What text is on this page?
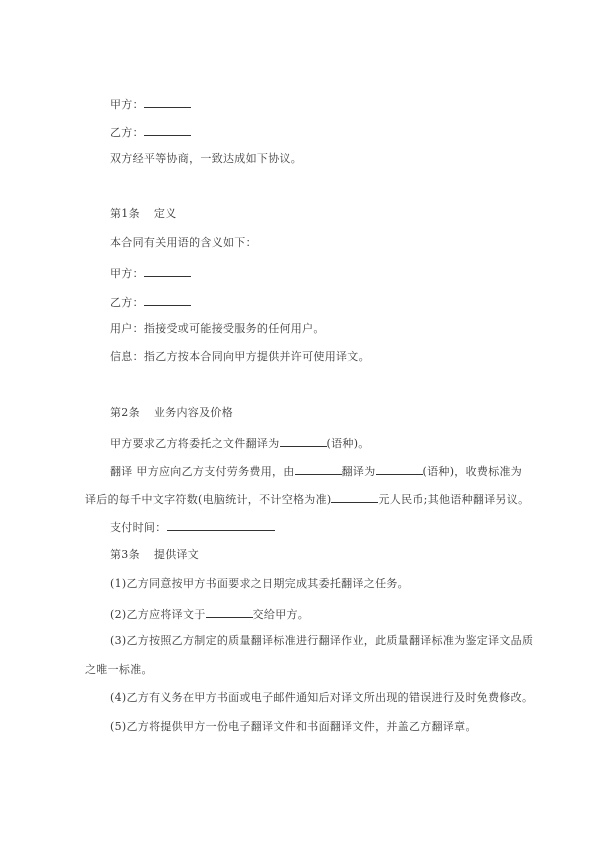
甲方：
乙方：
双方经平等协商，一致达成如下协议。
第1条 定义
本合同有关用语的含义如下：
甲方：
乙方：
用户：指接受或可能接受服务的任何用户。
信息：指乙方按本合同向甲方提供并许可使用译文。
第2条 业务内容及价格
甲方要求乙方将委托之文件翻译为	(语种)。
翻译 甲方应向乙方支付劳务费用，由	翻译为	(语种)，收费标准为
译后的每千中文字符数(电脑统计，不计空格为准)	元人民币;其他语种翻译另议。
支付时间：
第3条 提供译文
(1)乙方同意按甲方书面要求之日期完成其委托翻译之任务。
(2)乙方应将译文于	交给甲方。
(3)乙方按照乙方制定的质量翻译标准进行翻译作业，此质量翻译标准为鉴定译文品质
之唯一标准。
(4)乙方有义务在甲方书面或电子邮件通知后对译文所出现的错误进行及时免费修改。
(5)乙方将提供甲方一份电子翻译文件和书面翻译文件，并盖乙方翻译章。
